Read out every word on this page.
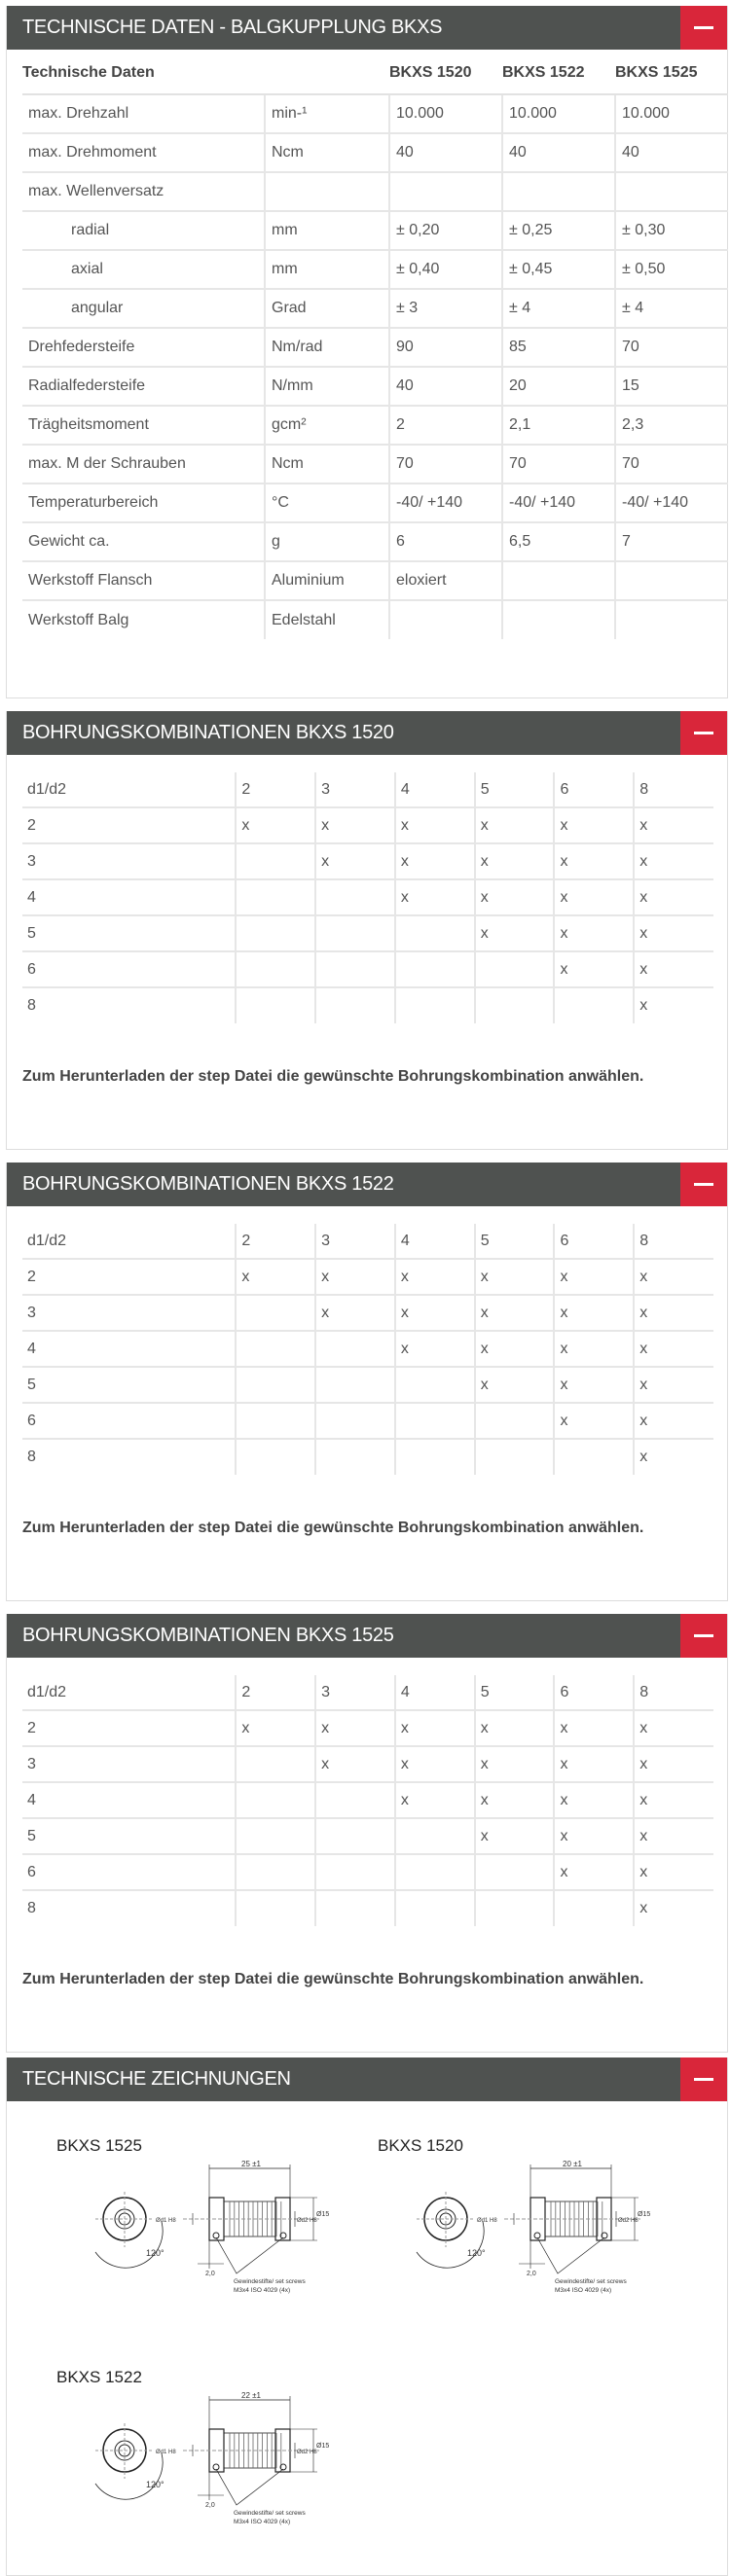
TECHNISCHE DATEN - BALGKUPPLUNG BKXS
Technische Daten		BKXS 1520	BKXS 1522	BKXS 1525
max. Drehzahl	min-¹	10.000	10.000	10.000
max. Drehmoment	Ncm	40	40	40
max. Wellenversatz				
radial	mm	± 0,20	± 0,25	± 0,30
axial	mm	± 0,40	± 0,45	± 0,50
angular	Grad	± 3	± 4	± 4
Drehfedersteife	Nm/rad	90	85	70
Radialfedersteife	N/mm	40	20	15
Trägheitsmoment	gcm²	2	2,1	2,3
max. M der Schrauben	Ncm	70	70	70
Temperaturbereich	°C	-40/ +140	-40/ +140	-40/ +140
Gewicht ca.	g	6	6,5	7
Werkstoff Flansch	Aluminium	eloxiert		
Werkstoff Balg	Edelstahl			
BOHRUNGSKOMBINATIONEN BKXS 1520
d1/d2	2	3	4	5	6	8
2	x	x	x	x	x	x
3		x	x	x	x	x
4			x	x	x	x
5				x	x	x
6					x	x
8						x

Zum Herunterladen der step Datei die gewünschte Bohrungskombination anwählen.

BOHRUNGSKOMBINATIONEN BKXS 1522
d1/d2	2	3	4	5	6	8
2	x	x	x	x	x	x
3		x	x	x	x	x
4			x	x	x	x
5				x	x	x
6					x	x
8						x

Zum Herunterladen der step Datei die gewünschte Bohrungskombination anwählen.

BOHRUNGSKOMBINATIONEN BKXS 1525
d1/d2	2	3	4	5	6	8
2	x	x	x	x	x	x
3		x	x	x	x	x
4			x	x	x	x
5				x	x	x
6					x	x
8						x

Zum Herunterladen der step Datei die gewünschte Bohrungskombination anwählen.

TECHNISCHE ZEICHNUNGEN
BKXS 1525
120°
25 ±1
Ød1 H8	Ød2 H8
Ø15
2,0
Gewindestifte/ set screws
M3x4 ISO 4029 (4x)
BKXS 1520
120°
20 ±1
Ød1 H8	Ød2 H8
Ø15
2,0
Gewindestifte/ set screws
M3x4 ISO 4029 (4x)
BKXS 1522
120°
22 ±1
Ød1 H8	Ød2 H8
Ø15
2,0
Gewindestifte/ set screws
M3x4 ISO 4029 (4x)
